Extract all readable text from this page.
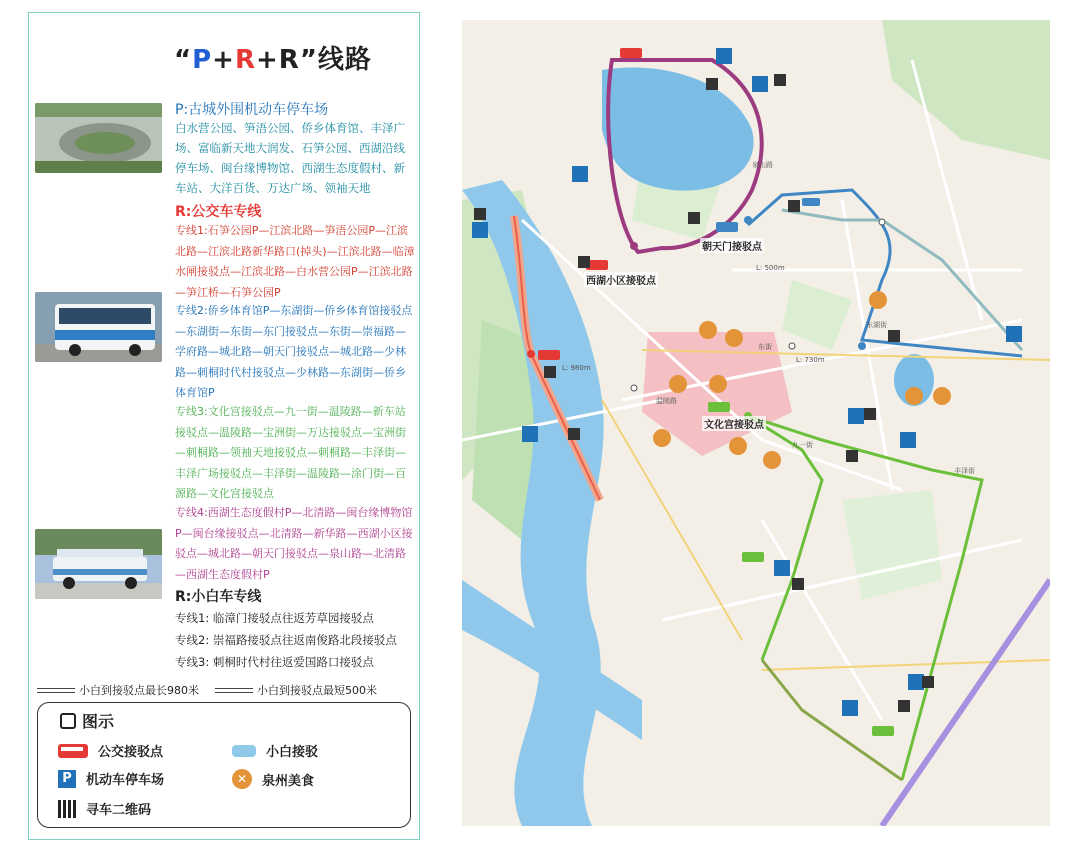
“P+R+R”线路
P:古城外围机动车停车场
白水营公园、笋浯公园、侨乡体育馆、丰泽广场、富临新天地大润发、石笋公园、西湖沿线停车场、闽台缘博物馆、西湖生态度假村、新车站、大洋百货、万达广场、领袖天地
R:公交车专线
专线1:石笋公园P—江滨北路—笋浯公园P—江滨北路—江滨北路新华路口(掉头)—江滨北路—临漳水闸接驳点—江滨北路—白水营公园P—江滨北路—笋江桥—石笋公园P
专线2:侨乡体育馆P—东湖街—侨乡体育馆接驳点—东湖街—东街—东门接驳点—东街—崇福路—学府路—城北路—朝天门接驳点—城北路—少林路—刺桐时代村接驳点—少林路—东湖街—侨乡体育馆P
专线3:文化宫接驳点—九一街—温陵路—新车站接驳点—温陵路—宝洲街—万达接驳点—宝洲街—刺桐路—领袖天地接驳点—刺桐路—丰泽街—丰泽广场接驳点—丰泽街—温陵路—涂门街—百源路—文化宫接驳点
专线4:西湖生态度假村P—北清路—闽台缘博物馆P—闽台缘接驳点—北清路—新华路—西湖小区接驳点—城北路—朝天门接驳点—泉山路—北清路—西湖生态度假村P
R:小白车专线
专线1: 临漳门接驳点往返芳草园接驳点
专线2: 崇福路接驳点往返南俊路北段接驳点
专线3: 刺桐时代村往返爱国路口接驳点
小白到接驳点最长980米	小白到接驳点最短500米
图示
公交接驳点	小白接驳
P	机动车停车场	✕	泉州美食
寻车二维码
朝天门接驳点
西湖小区接驳点
文化宫接驳点
L: 500m
L: 730m
L: 980m
九一街
丰泽街
温陵路
东湖街
东街
泉山路
